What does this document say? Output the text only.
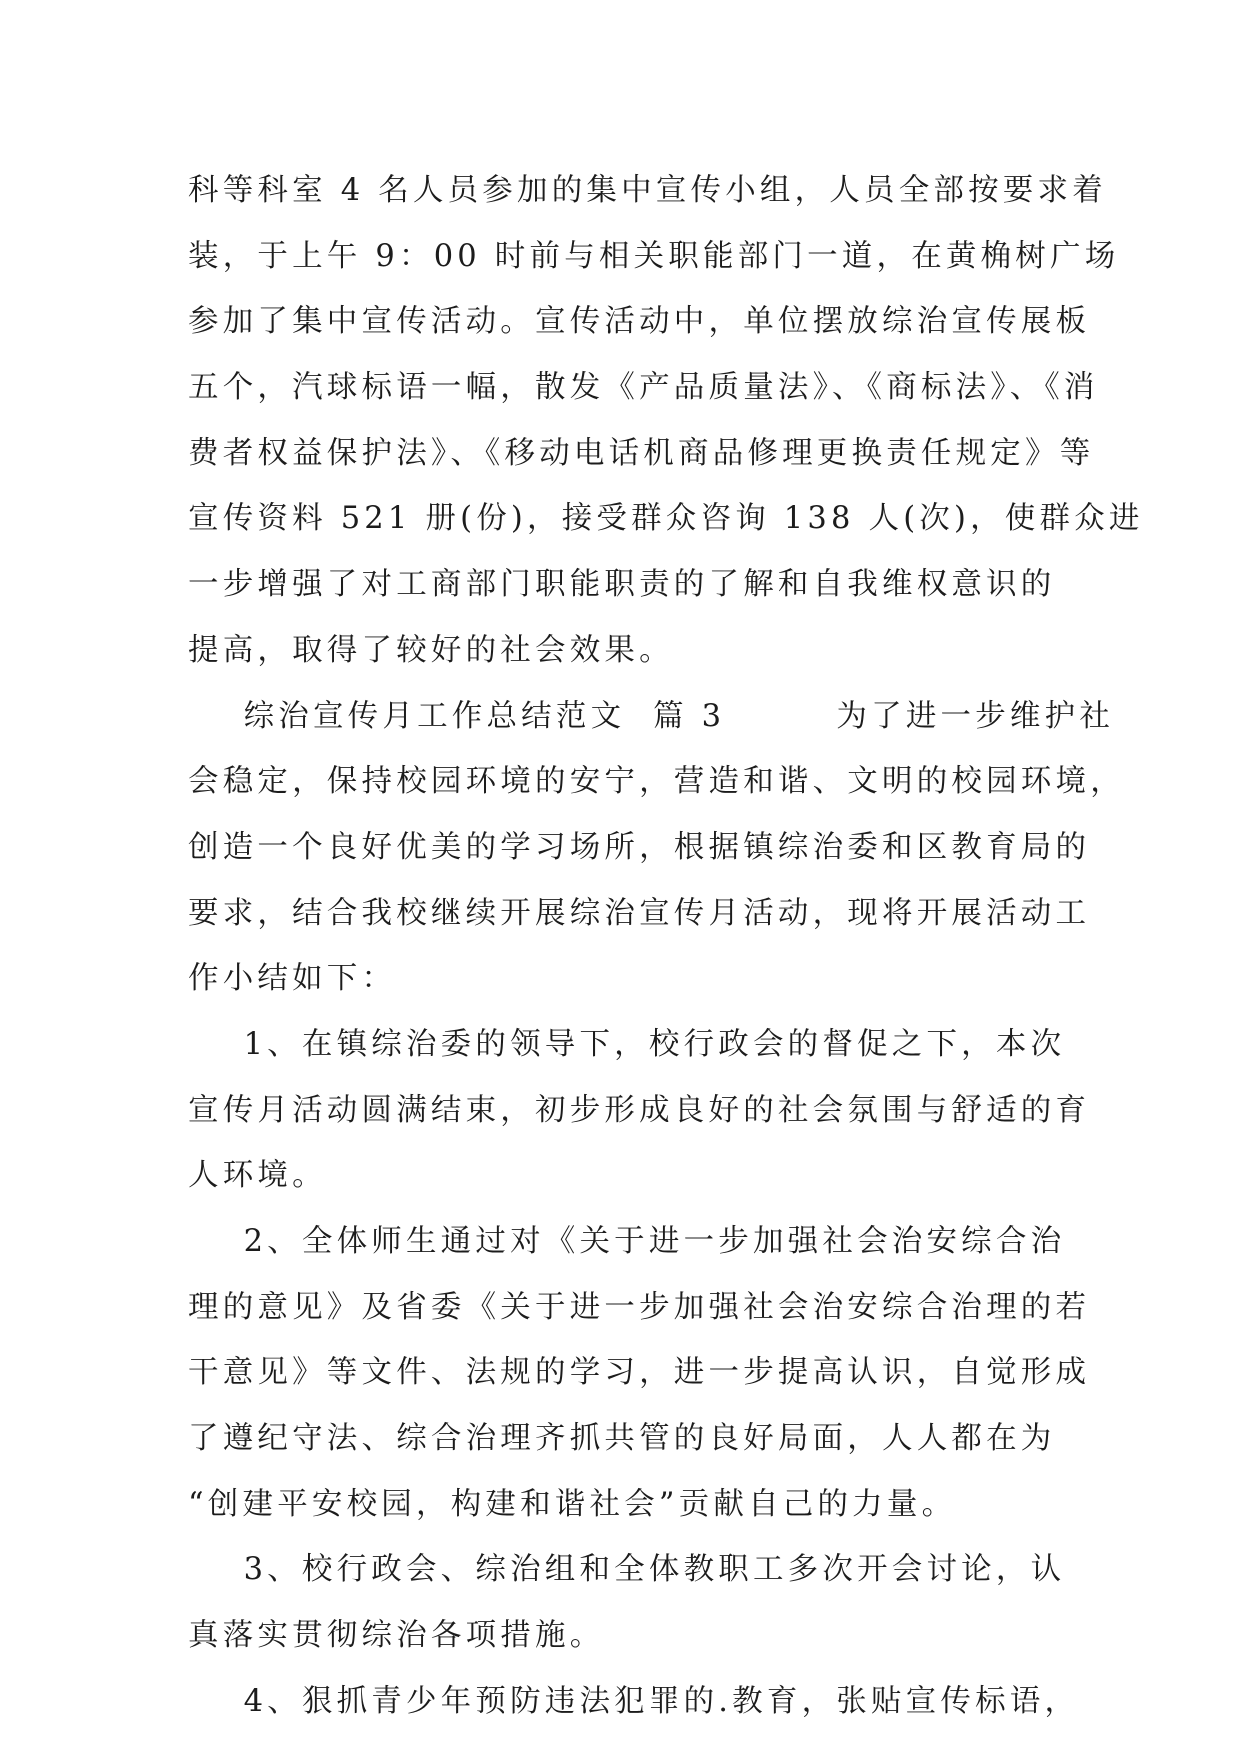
科等科室 4 名人员参加的集中宣传小组，人员全部按要求着
装，于上午 9：00 时前与相关职能部门一道，在黄桷树广场
参加了集中宣传活动。宣传活动中，单位摆放综治宣传展板
五个，汽球标语一幅，散发《产品质量法》、《商标法》、《消
费者权益保护法》、《移动电话机商品修理更换责任规定》等
宣传资料 521 册(份)，接受群众咨询 138 人(次)，使群众进
一步增强了对工商部门职能职责的了解和自我维权意识的
提高，取得了较好的社会效果。
综治宣传月工作总结范文  篇 3        为了进一步维护社
会稳定，保持校园环境的安宁，营造和谐、文明的校园环境，
创造一个良好优美的学习场所，根据镇综治委和区教育局的
要求，结合我校继续开展综治宣传月活动，现将开展活动工
作小结如下：
1、在镇综治委的领导下，校行政会的督促之下，本次
宣传月活动圆满结束，初步形成良好的社会氛围与舒适的育
人环境。
2、全体师生通过对《关于进一步加强社会治安综合治
理的意见》及省委《关于进一步加强社会治安综合治理的若
干意见》等文件、法规的学习，进一步提高认识，自觉形成
了遵纪守法、综合治理齐抓共管的良好局面，人人都在为
“创建平安校园，构建和谐社会”贡献自己的力量。
3、校行政会、综治组和全体教职工多次开会讨论，认
真落实贯彻综治各项措施。
4、狠抓青少年预防违法犯罪的.教育，张贴宣传标语，
